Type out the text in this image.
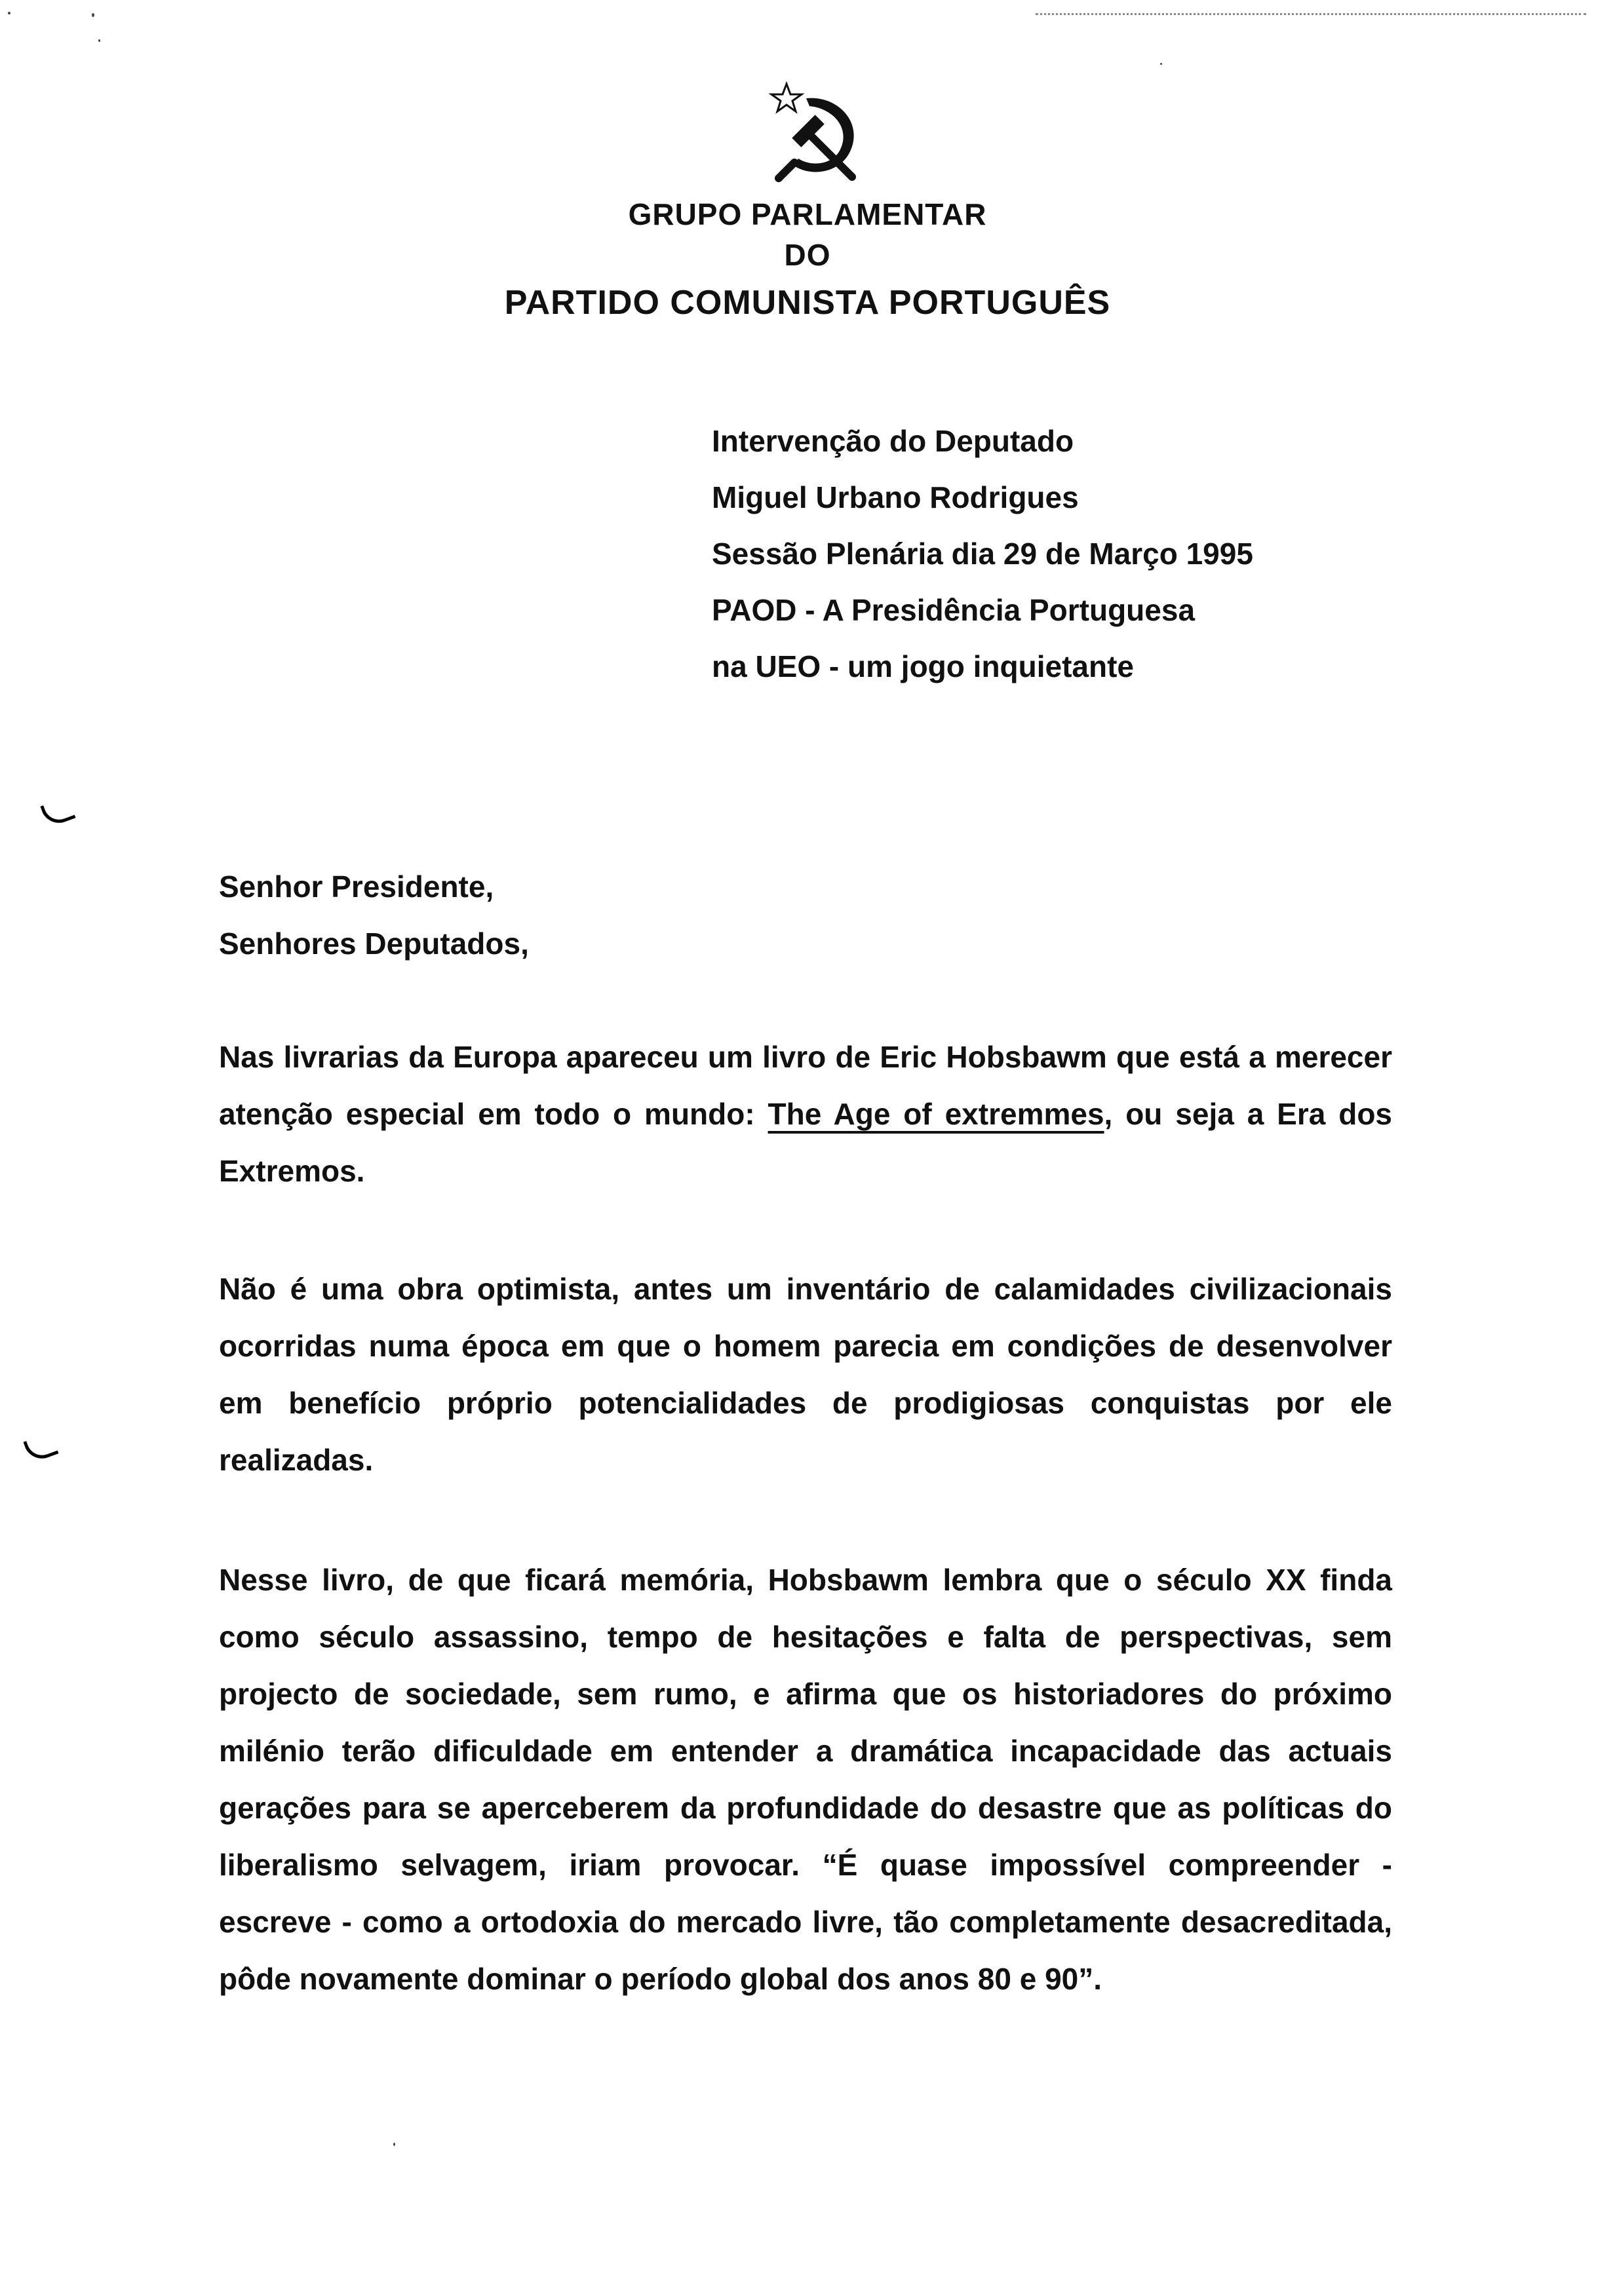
GRUPO PARLAMENTAR
DO
PARTIDO COMUNISTA PORTUGUÊS
Intervenção do Deputado
Miguel Urbano Rodrigues
Sessão Plenária dia 29 de Março 1995
PAOD - A Presidência Portuguesa
na UEO - um jogo inquietante
Senhor Presidente,
Senhores Deputados,
Nas livrarias da Europa apareceu um livro de Eric Hobsbawm que está a merecer atenção especial em todo o mundo: The Age of extremmes, ou seja a Era dos Extremos.
Não é uma obra optimista, antes um inventário de calamidades civilizacionais ocorridas numa época em que o homem parecia em condições de desenvolver em benefício próprio potencialidades de prodigiosas conquistas por ele realizadas.
Nesse livro, de que ficará memória, Hobsbawm lembra que o século XX finda como século assassino, tempo de hesitações e falta de perspectivas, sem projecto de sociedade, sem rumo, e afirma que os historiadores do próximo milénio terão dificuldade em entender a dramática incapacidade das actuais gerações para se aperceberem da profundidade do desastre que as políticas do liberalismo selvagem, iriam provocar. “É quase impossível compreender - escreve - como a ortodoxia do mercado livre, tão completamente desacreditada, pôde novamente dominar o período global dos anos 80 e 90”.
